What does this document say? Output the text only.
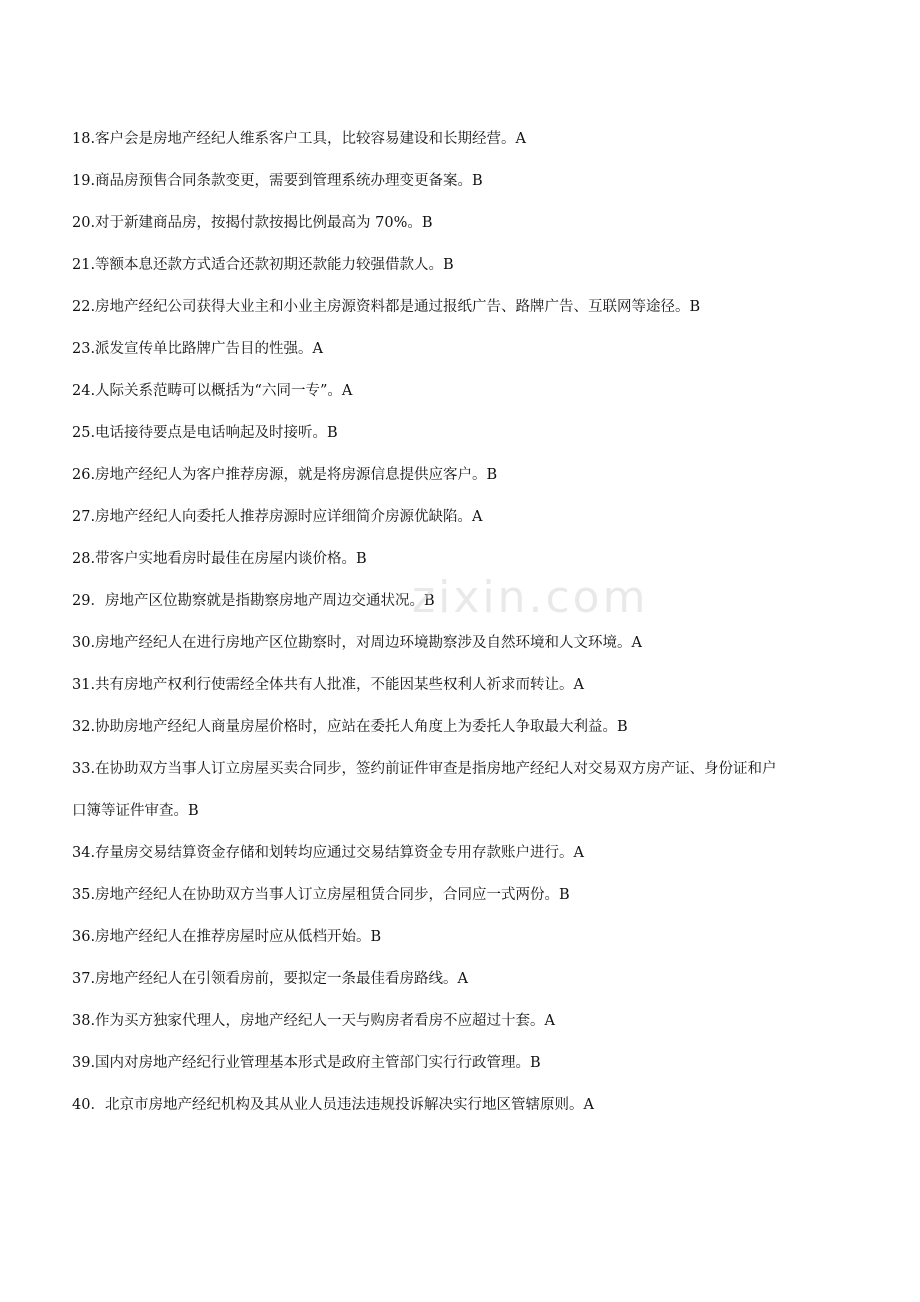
18.客户会是房地产经纪人维系客户工具，比较容易建设和长期经营。A
19.商品房预售合同条款变更，需要到管理系统办理变更备案。B
20.对于新建商品房，按揭付款按揭比例最高为 70%。B
21.等额本息还款方式适合还款初期还款能力较强借款人。B
22.房地产经纪公司获得大业主和小业主房源资料都是通过报纸广告、路牌广告、互联网等途径。B
23.派发宣传单比路牌广告目的性强。A
24.人际关系范畴可以概括为“六同一专”。A
25.电话接待要点是电话响起及时接听。B
26.房地产经纪人为客户推荐房源，就是将房源信息提供应客户。B
27.房地产经纪人向委托人推荐房源时应详细简介房源优缺陷。A
28.带客户实地看房时最佳在房屋内谈价格。B
29．房地产区位勘察就是指勘察房地产周边交通状况。B
30.房地产经纪人在进行房地产区位勘察时，对周边环境勘察涉及自然环境和人文环境。A
31.共有房地产权利行使需经全体共有人批准，不能因某些权利人祈求而转让。A
32.协助房地产经纪人商量房屋价格时，应站在委托人角度上为委托人争取最大利益。B
33.在协助双方当事人订立房屋买卖合同步，签约前证件审查是指房地产经纪人对交易双方房产证、身份证和户
口簿等证件审查。B
34.存量房交易结算资金存储和划转均应通过交易结算资金专用存款账户进行。A
35.房地产经纪人在协助双方当事人订立房屋租赁合同步，合同应一式两份。B
36.房地产经纪人在推荐房屋时应从低档开始。B
37.房地产经纪人在引领看房前，要拟定一条最佳看房路线。A
38.作为买方独家代理人，房地产经纪人一天与购房者看房不应超过十套。A
39.国内对房地产经纪行业管理基本形式是政府主管部门实行行政管理。B
40．北京市房地产经纪机构及其从业人员违法违规投诉解决实行地区管辖原则。A
zixin.com
